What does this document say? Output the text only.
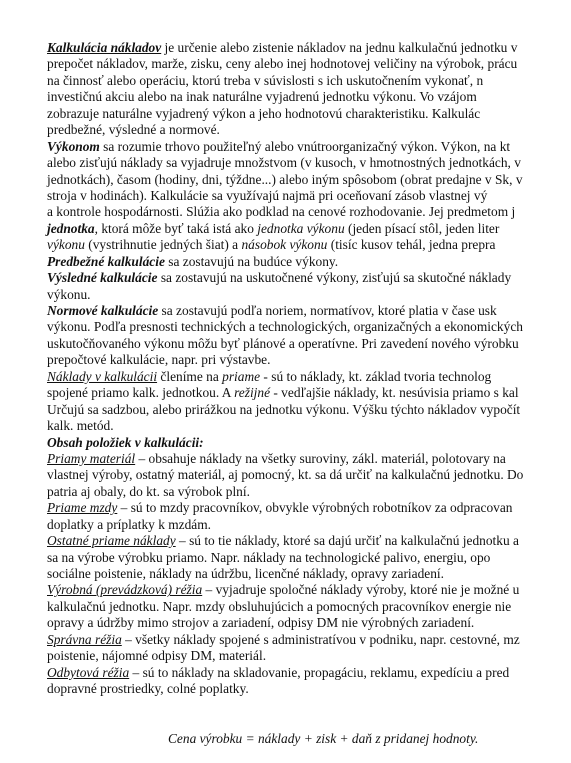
Kalkulácia nákladov je určenie alebo zistenie nákladov na jednu kalkulačnú jednotku v
prepočet nákladov, marže, zisku, ceny alebo inej hodnotovej veličiny na výrobok, prácu
na činnosť alebo operáciu, ktorú treba v súvislosti s ich uskutočnením vykonať, n
investičnú akciu alebo na inak naturálne vyjadrenú jednotku výkonu. Vo vzájom
zobrazuje naturálne vyjadrený výkon a jeho hodnotovú charakteristiku. Kalkulác
predbežné, výsledné a normové.
Výkonom sa rozumie trhovo použiteľný alebo vnútroorganizačný výkon. Výkon, na kt
alebo zisťujú náklady sa vyjadruje množstvom (v kusoch, v hmotnostných jednotkách, v
jednotkách), časom (hodiny, dni, týždne...) alebo iným spôsobom (obrat predajne v Sk, v
stroja v hodinách). Kalkulácie sa využívajú najmä pri oceňovaní zásob vlastnej vý
a kontrole hospodárnosti. Slúžia ako podklad na cenové rozhodovanie. Jej predmetom j
jednotka, ktorá môže byť taká istá ako jednotka výkonu (jeden písací stôl, jeden liter
výkonu (vystrihnutie jedných šiat) a násobok výkonu (tisíc kusov tehál, jedna prepra
Predbežné kalkulácie sa zostavujú na budúce výkony.
Výsledné kalkulácie sa zostavujú na uskutočnené výkony, zisťujú sa skutočné náklady
výkonu.
Normové kalkulácie sa zostavujú podľa noriem, normatívov, ktoré platia v čase usk
výkonu. Podľa presnosti technických a technologických, organizačných a ekonomických
uskutočňovaného výkonu môžu byť plánové a operatívne. Pri zavedení nového výrobku
prepočtové kalkulácie, napr. pri výstavbe.
Náklady v kalkulácii členíme na priame - sú to náklady, kt. základ tvoria technolog
spojené priamo kalk. jednotkou. A režijné - vedľajšie náklady, kt. nesúvisia priamo s kal
Určujú sa sadzbou, alebo prirážkou na jednotku výkonu. Výšku týchto nákladov vypočít
kalk. metód.
Obsah položiek v kalkulácii:
Priamy materiál – obsahuje náklady na všetky suroviny, zákl. materiál, polotovary na
vlastnej výroby, ostatný materiál, aj pomocný, kt. sa dá určiť na kalkulačnú jednotku. Do
patria aj obaly, do kt. sa výrobok plní.
Priame mzdy – sú to mzdy pracovníkov, obvykle výrobných robotníkov za odpracovan
doplatky a príplatky k mzdám.
Ostatné priame náklady – sú to tie náklady, ktoré sa dajú určiť na kalkulačnú jednotku a
sa na výrobe výrobku priamo. Napr. náklady na technologické palivo, energiu, opo
sociálne poistenie, náklady na údržbu, licenčné náklady, opravy zariadení.
Výrobná (prevádzková) réžia – vyjadruje spoločné náklady výroby, ktoré nie je možné u
kalkulačnú jednotku. Napr. mzdy obsluhujúcich a pomocných pracovníkov energie nie
opravy a údržby mimo strojov a zariadení, odpisy DM nie výrobných zariadení.
Správna réžia – všetky náklady spojené s administratívou v podniku, napr. cestovné, mz
poistenie, nájomné odpisy DM, materiál.
Odbytová réžia – sú to náklady na skladovanie, propagáciu, reklamu, expedíciu a pred
dopravné prostriedky, colné poplatky.
Cena výrobku = náklady + zisk + daň z pridanej hodnoty.
